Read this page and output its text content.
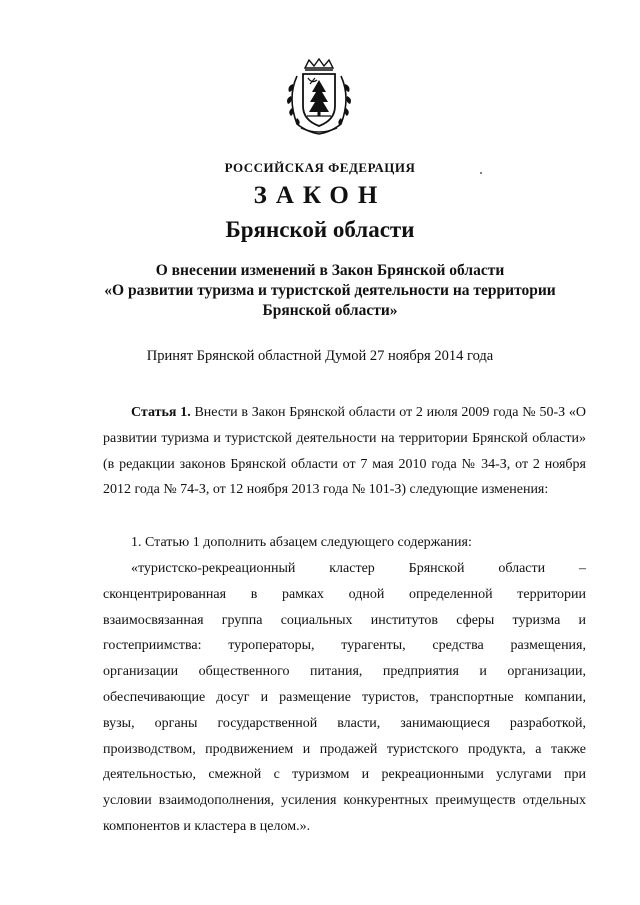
РОССИЙСКАЯ ФЕДЕРАЦИЯ
ЗАКОН
Брянской области
О внесении изменений в Закон Брянской области
«О развитии туризма и туристской деятельности на территории
Брянской области»
Принят Брянской областной Думой 27 ноября 2014 года
Статья 1. Внести в Закон Брянской области от 2 июля 2009 года № 50-З «О развитии туризма и туристской деятельности на территории Брянской области» (в редакции законов Брянской области от 7 мая 2010 года № 34-З, от 2 ноября 2012 года № 74-З, от 12 ноября 2013 года № 101-З) следующие изменения:
1. Статью 1 дополнить абзацем следующего содержания:
«туристско-рекреационный кластер Брянской области –
сконцентрированная в рамках одной определенной территории
взаимосвязанная группа социальных институтов сферы туризма и
гостеприимства: туроператоры, турагенты, средства размещения,
организации общественного питания, предприятия и организации,
обеспечивающие досуг и размещение туристов, транспортные компании,
вузы, органы государственной власти, занимающиеся разработкой,
производством, продвижением и продажей туристского продукта, а также
деятельностью, смежной с туризмом и рекреационными услугами при
условии взаимодополнения, усиления конкурентных преимуществ отдельных
компонентов и кластера в целом.».
